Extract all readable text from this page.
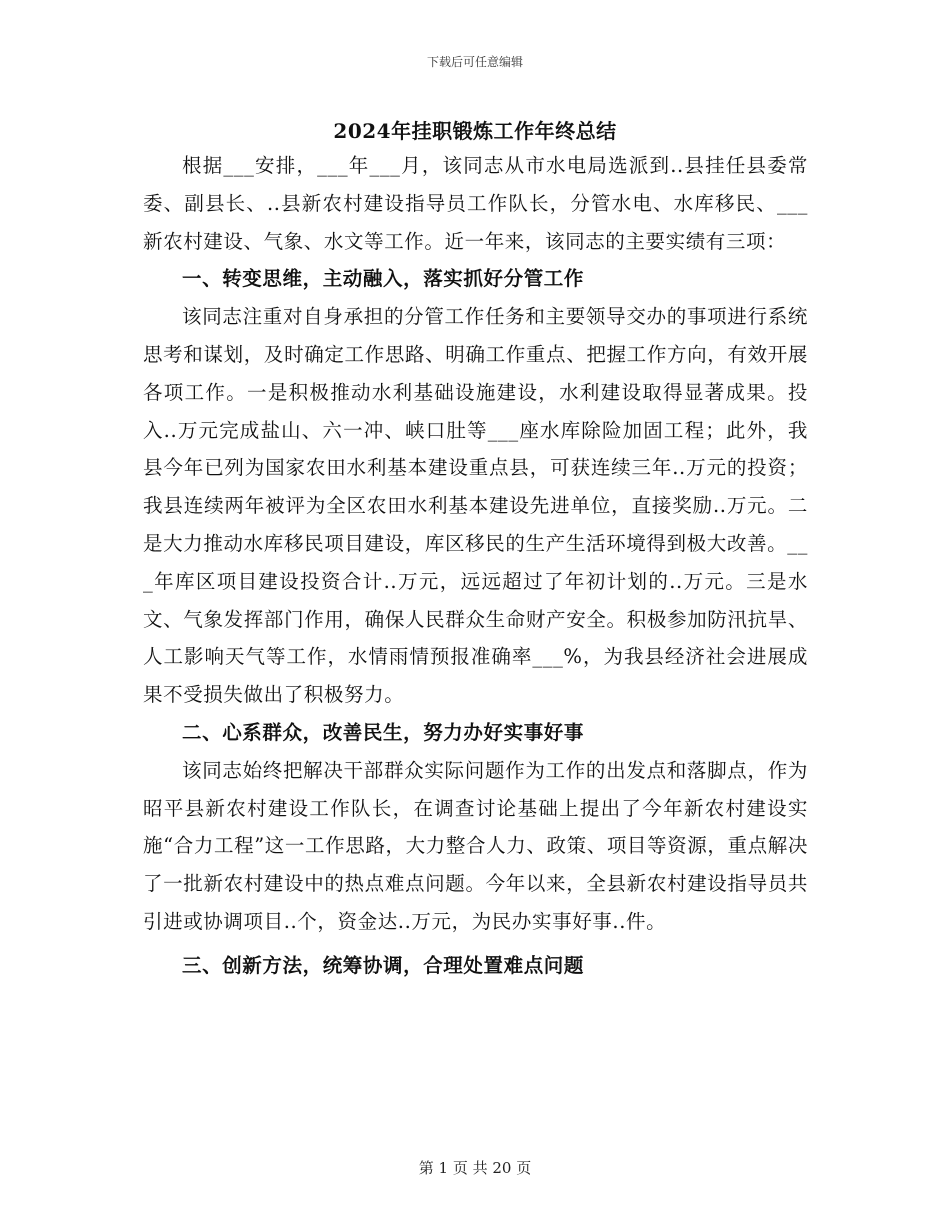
下载后可任意编辑
2024年挂职锻炼工作年终总结

根据___安排，___年___月，该同志从市水电局选派到..县挂任县委常委、副县长、..县新农村建设指导员工作队长，分管水电、水库移民、___新农村建设、气象、水文等工作。近一年来，该同志的主要实绩有三项：

一、转变思维，主动融入，落实抓好分管工作

该同志注重对自身承担的分管工作任务和主要领导交办的事项进行系统思考和谋划，及时确定工作思路、明确工作重点、把握工作方向，有效开展各项工作。一是积极推动水利基础设施建设，水利建设取得显著成果。投入..万元完成盐山、六一冲、峡口肚等___座水库除险加固工程；此外，我县今年已列为国家农田水利基本建设重点县，可获连续三年..万元的投资；我县连续两年被评为全区农田水利基本建设先进单位，直接奖励..万元。二是大力推动水库移民项目建设，库区移民的生产生活环境得到极大改善。___年库区项目建设投资合计..万元，远远超过了年初计划的..万元。三是水文、气象发挥部门作用，确保人民群众生命财产安全。积极参加防汛抗旱、人工影响天气等工作，水情雨情预报准确率___%，为我县经济社会进展成果不受损失做出了积极努力。

二、心系群众，改善民生，努力办好实事好事

该同志始终把解决干部群众实际问题作为工作的出发点和落脚点，作为昭平县新农村建设工作队长，在调查讨论基础上提出了今年新农村建设实施“合力工程”这一工作思路，大力整合人力、政策、项目等资源，重点解决了一批新农村建设中的热点难点问题。今年以来，全县新农村建设指导员共引进或协调项目..个，资金达..万元，为民办实事好事..件。

三、创新方法，统筹协调，合理处置难点问题

第 1 页 共 20 页
